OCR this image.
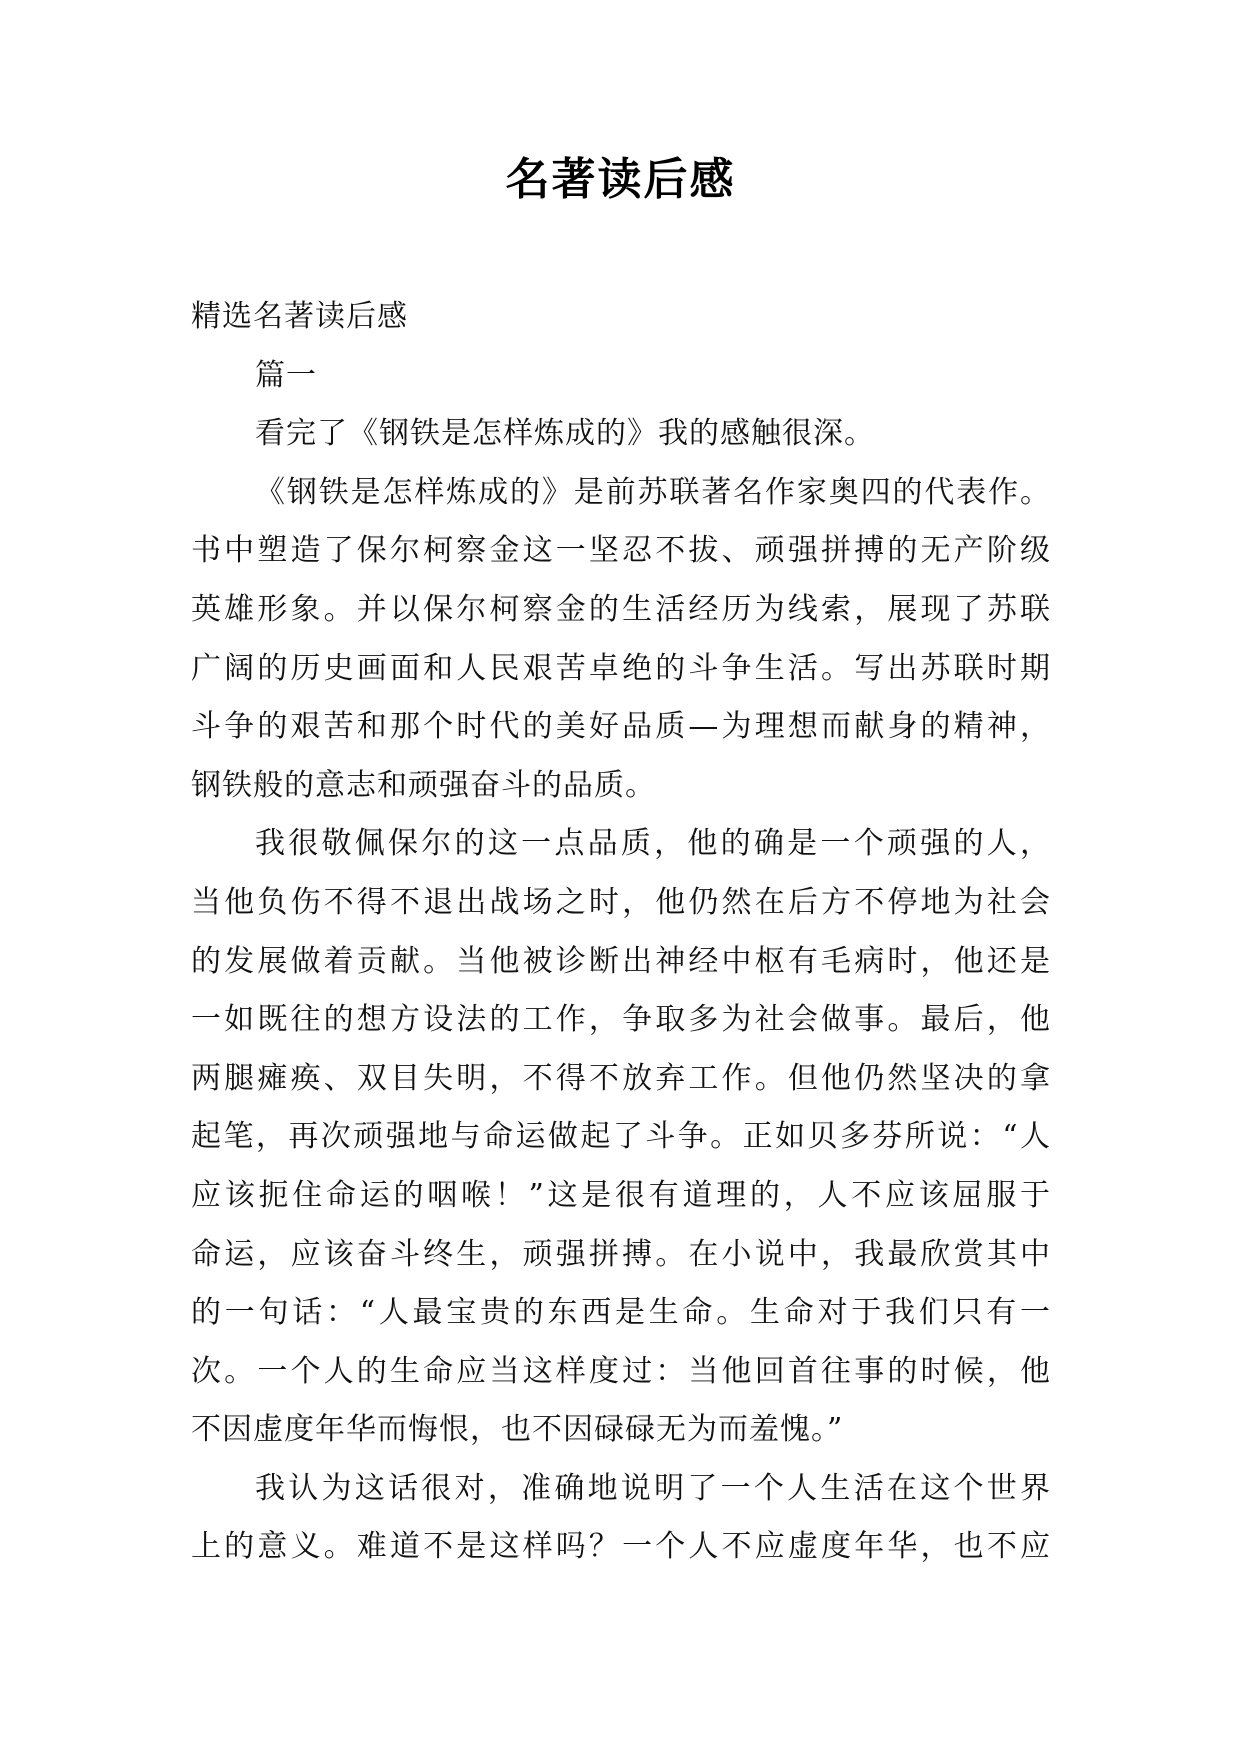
名著读后感
精选名著读后感
篇一
看完了《钢铁是怎样炼成的》我的感触很深。
《钢铁是怎样炼成的》是前苏联著名作家奥四的代表作。
书中塑造了保尔柯察金这一坚忍不拔、顽强拼搏的无产阶级
英雄形象。并以保尔柯察金的生活经历为线索，展现了苏联
广阔的历史画面和人民艰苦卓绝的斗争生活。写出苏联时期
斗争的艰苦和那个时代的美好品质—为理想而献身的精神，
钢铁般的意志和顽强奋斗的品质。
我很敬佩保尔的这一点品质，他的确是一个顽强的人，
当他负伤不得不退出战场之时，他仍然在后方不停地为社会
的发展做着贡献。当他被诊断出神经中枢有毛病时，他还是
一如既往的想方设法的工作，争取多为社会做事。最后，他
两腿瘫痪、双目失明，不得不放弃工作。但他仍然坚决的拿
起笔，再次顽强地与命运做起了斗争。正如贝多芬所说：“人
应该扼住命运的咽喉！”这是很有道理的，人不应该屈服于
命运，应该奋斗终生，顽强拼搏。在小说中，我最欣赏其中
的一句话：“人最宝贵的东西是生命。生命对于我们只有一
次。一个人的生命应当这样度过：当他回首往事的时候，他
不因虚度年华而悔恨，也不因碌碌无为而羞愧。”
我认为这话很对，准确地说明了一个人生活在这个世界
上的意义。难道不是这样吗？一个人不应虚度年华，也不应
